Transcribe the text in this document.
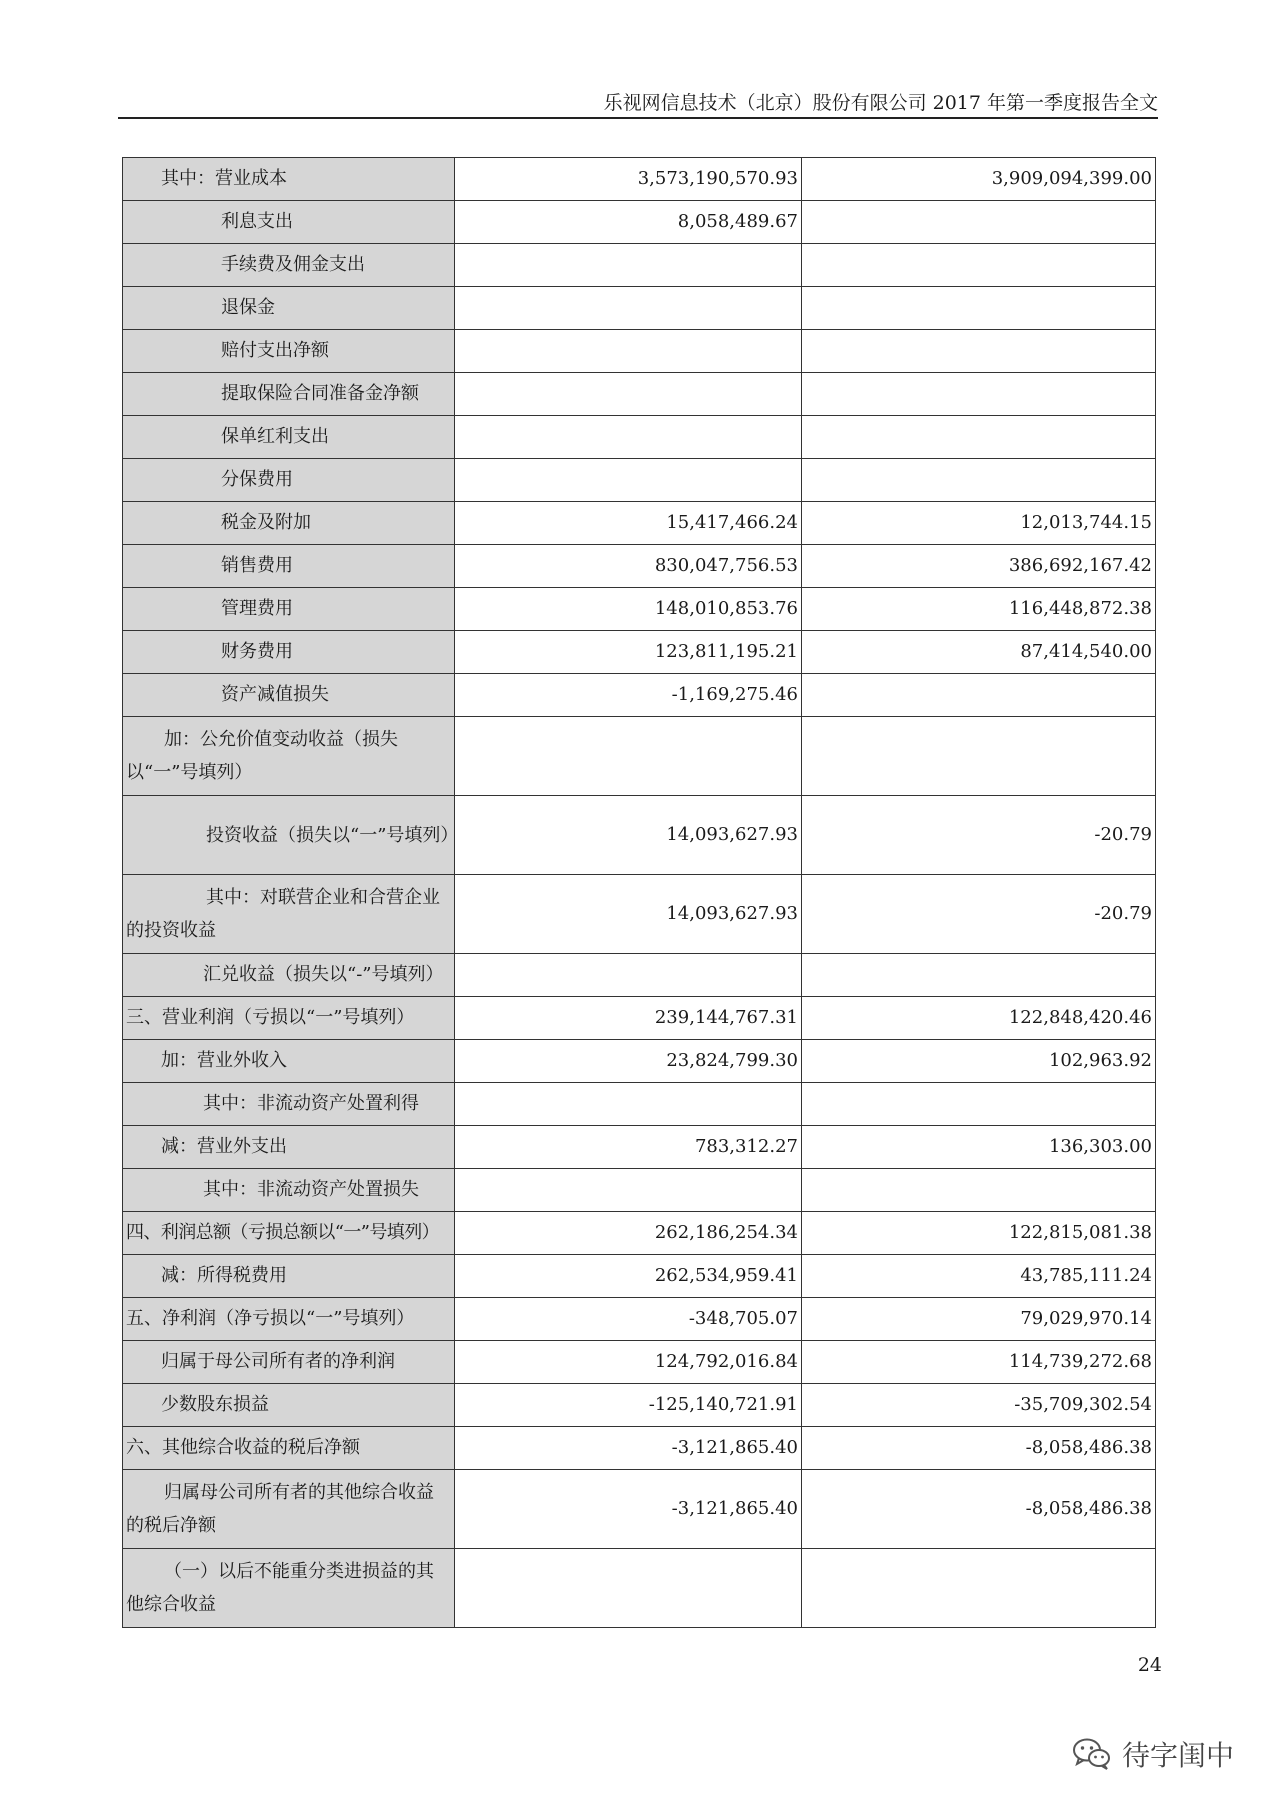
乐视网信息技术（北京）股份有限公司 2017 年第一季度报告全文
其中：营业成本	3,573,190,570.93	3,909,094,399.00
利息支出	8,058,489.67	
手续费及佣金支出		
退保金		
赔付支出净额		
提取保险合同准备金净额		
保单红利支出		
分保费用		
税金及附加	15,417,466.24	12,013,744.15
销售费用	830,047,756.53	386,692,167.42
管理费用	148,010,853.76	116,448,872.38
财务费用	123,811,195.21	87,414,540.00
资产减值损失	-1,169,275.46	
加：公允价值变动收益（损失以“一”号填列）		
投资收益（损失以“一”号填列）	14,093,627.93	-20.79
其中：对联营企业和合营企业的投资收益	14,093,627.93	-20.79
汇兑收益（损失以“-”号填列）		
三、营业利润（亏损以“一”号填列）	239,144,767.31	122,848,420.46
加：营业外收入	23,824,799.30	102,963.92
其中：非流动资产处置利得		
减：营业外支出	783,312.27	136,303.00
其中：非流动资产处置损失		
四、利润总额（亏损总额以“一”号填列）	262,186,254.34	122,815,081.38
减：所得税费用	262,534,959.41	43,785,111.24
五、净利润（净亏损以“一”号填列）	-348,705.07	79,029,970.14
归属于母公司所有者的净利润	124,792,016.84	114,739,272.68
少数股东损益	-125,140,721.91	-35,709,302.54
六、其他综合收益的税后净额	-3,121,865.40	-8,058,486.38
归属母公司所有者的其他综合收益的税后净额	-3,121,865.40	-8,058,486.38
（一）以后不能重分类进损益的其他综合收益		
24
待字闺中
